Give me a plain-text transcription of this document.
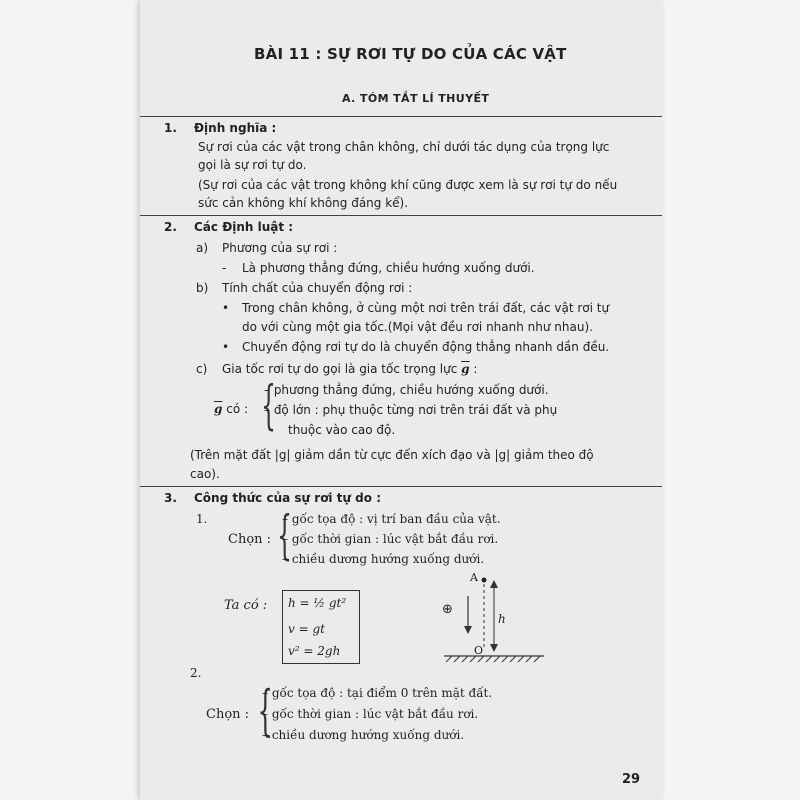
BÀI 11 : SỰ RƠI TỰ DO CỦA CÁC VẬT
A. TÓM TẮT LÍ THUYẾT
1. Định nghĩa :
Sự rơi của các vật trong chân không, chỉ dưới tác dụng của trọng lực
gọi là sự rơi tự do.
(Sự rơi của các vật trong không khí cũng được xem là sự rơi tự do nếu
sức cản không khí không đáng kể).
2. Các Định luật :
a) Phương của sự rơi :
- Là phương thẳng đứng, chiều hướng xuống dưới.
b) Tính chất của chuyển động rơi :
• Trong chân không, ở cùng một nơi trên trái đất, các vật rơi tự
do với cùng một gia tốc.(Mọi vật đều rơi nhanh như nhau).
• Chuyển động rơi tự do là chuyển động thẳng nhanh dần đều.
c) Gia tốc rơi tự do gọi là gia tốc trọng lực $\overline{g}$ :
$\overline{g}$ có : {
– phương thẳng đứng, chiều hướng xuống dưới.
– độ lớn : phụ thuộc từng nơi trên trái đất và phụ
thuộc vào cao độ.
(Trên mặt đất |g| giảm dần từ cực đến xích đạo và |g| giảm theo độ
cao).
3. Công thức của sự rơi tự do :
1.
Chọn : {
– gốc tọa độ : vị trí ban đầu của vật.
– gốc thời gian : lúc vật bắt đầu rơi.
– chiều dương hướng xuống dưới.
Ta có : h = ½ gt²
v = gt
v² = 2gh
A
⊕
h
O
2.
Chọn : {
– gốc tọa độ : tại điểm 0 trên mặt đất.
– gốc thời gian : lúc vật bắt đầu rơi.
– chiều dương hướng xuống dưới.
29
